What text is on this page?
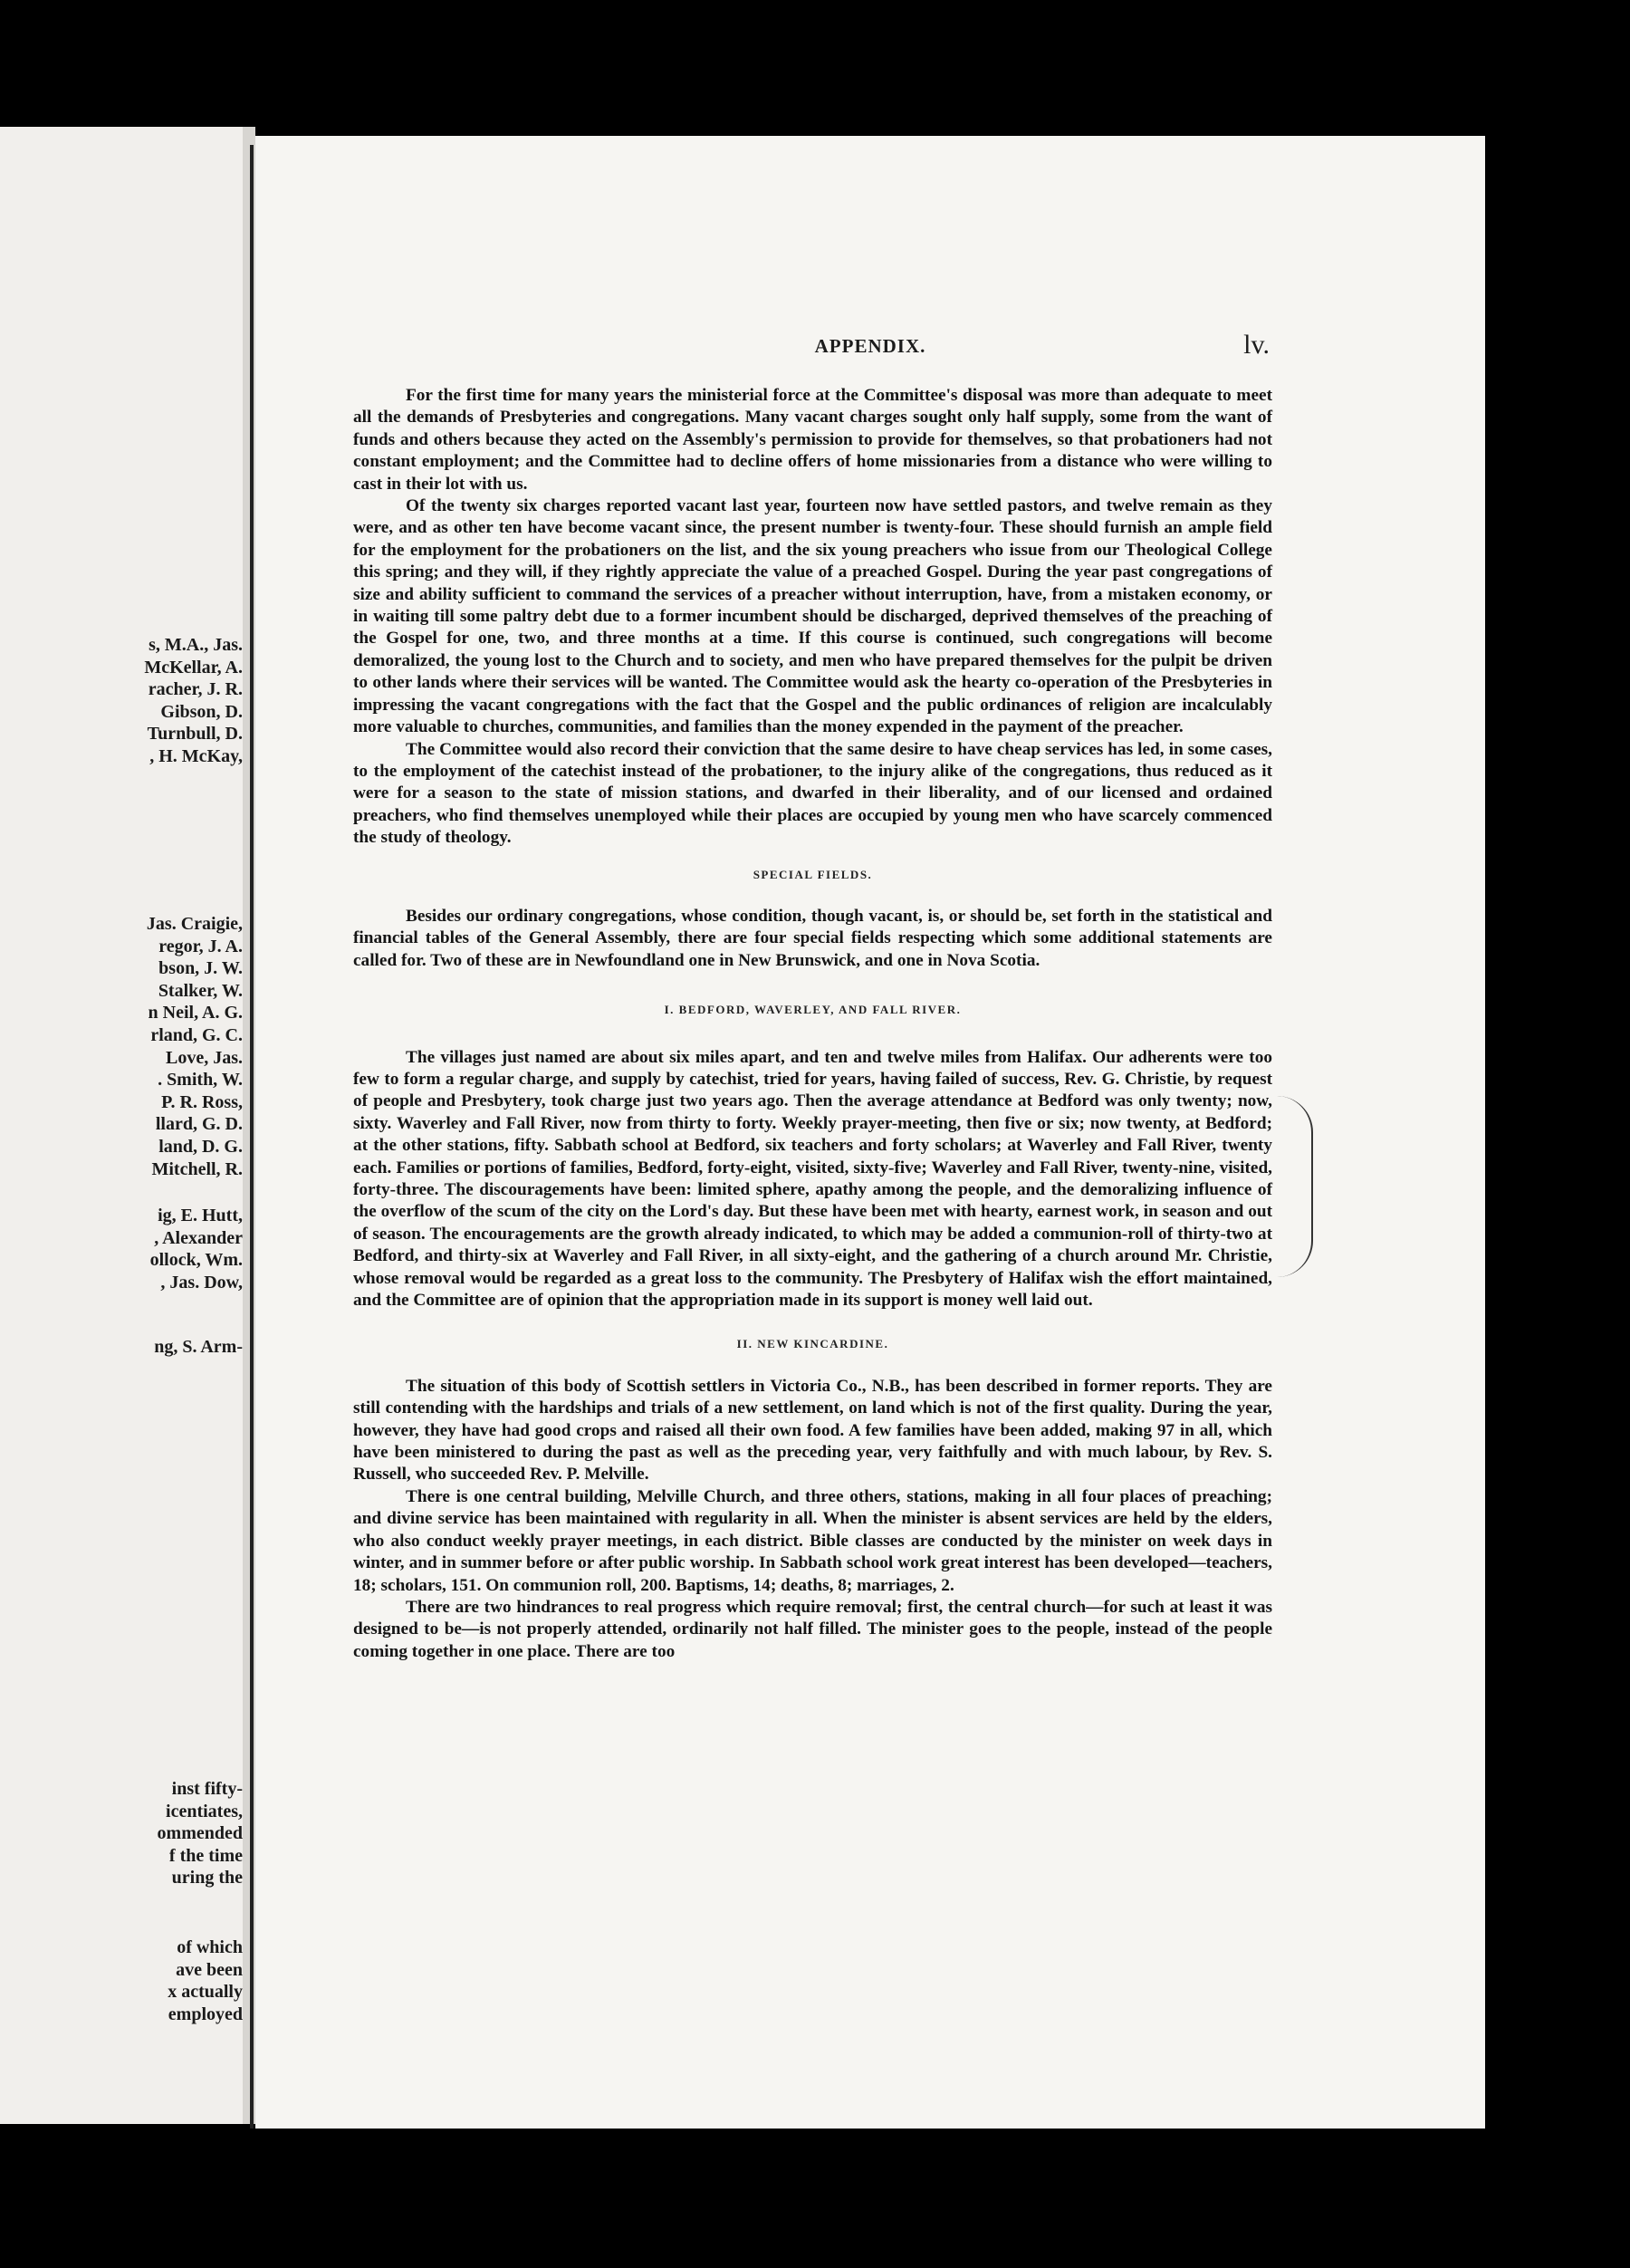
s, M.A., Jas.
McKellar, A.
racher, J. R.
Gibson, D.
Turnbull, D.
, H. McKay,
Jas. Craigie,
regor, J. A.
bson, J. W.
Stalker, W.
n Neil, A. G.
rland, G. C.
Love, Jas.
. Smith, W.
P. R. Ross,
llard, G. D.
land, D. G.
Mitchell, R.
ig, E. Hutt,
, Alexander
ollock, Wm.
, Jas. Dow,
ng, S. Arm-
inst fifty-
icentiates,
ommended
f the time
uring the
of which
ave been
x actually
employed
APPENDIX.	lv.

For the first time for many years the ministerial force at the Committee's disposal was more than adequate to meet all the demands of Presbyteries and congregations. Many vacant charges sought only half supply, some from the want of funds and others because they acted on the Assembly's permission to provide for themselves, so that probationers had not constant employment; and the Committee had to decline offers of home missionaries from a distance who were willing to cast in their lot with us.

Of the twenty six charges reported vacant last year, fourteen now have settled pastors, and twelve remain as they were, and as other ten have become vacant since, the present number is twenty-four. These should furnish an ample field for the employment for the probationers on the list, and the six young preachers who issue from our Theological College this spring; and they will, if they rightly appreciate the value of a preached Gospel. During the year past congregations of size and ability sufficient to command the services of a preacher without interruption, have, from a mistaken economy, or in waiting till some paltry debt due to a former incumbent should be discharged, deprived themselves of the preaching of the Gospel for one, two, and three months at a time. If this course is continued, such congregations will become demoralized, the young lost to the Church and to society, and men who have prepared themselves for the pulpit be driven to other lands where their services will be wanted. The Committee would ask the hearty co-operation of the Presbyteries in impressing the vacant congregations with the fact that the Gospel and the public ordinances of religion are incalculably more valuable to churches, communities, and families than the money expended in the payment of the preacher.

The Committee would also record their conviction that the same desire to have cheap services has led, in some cases, to the employment of the catechist instead of the probationer, to the injury alike of the congregations, thus reduced as it were for a season to the state of mission stations, and dwarfed in their liberality, and of our licensed and ordained preachers, who find themselves unemployed while their places are occupied by young men who have scarcely commenced the study of theology.

SPECIAL FIELDS.

Besides our ordinary congregations, whose condition, though vacant, is, or should be, set forth in the statistical and financial tables of the General Assembly, there are four special fields respecting which some additional statements are called for. Two of these are in Newfoundland one in New Brunswick, and one in Nova Scotia.

I. BEDFORD, WAVERLEY, AND FALL RIVER.

The villages just named are about six miles apart, and ten and twelve miles from Halifax. Our adherents were too few to form a regular charge, and supply by catechist, tried for years, having failed of success, Rev. G. Christie, by request of people and Presbytery, took charge just two years ago. Then the average attendance at Bedford was only twenty; now, sixty. Waverley and Fall River, now from thirty to forty. Weekly prayer-meeting, then five or six; now twenty, at Bedford; at the other stations, fifty. Sabbath school at Bedford, six teachers and forty scholars; at Waverley and Fall River, twenty each. Families or portions of families, Bedford, forty-eight, visited, sixty-five; Waverley and Fall River, twenty-nine, visited, forty-three. The discouragements have been: limited sphere, apathy among the people, and the demoralizing influence of the overflow of the scum of the city on the Lord's day. But these have been met with hearty, earnest work, in season and out of season. The encouragements are the growth already indicated, to which may be added a communion-roll of thirty-two at Bedford, and thirty-six at Waverley and Fall River, in all sixty-eight, and the gathering of a church around Mr. Christie, whose removal would be regarded as a great loss to the community. The Presbytery of Halifax wish the effort maintained, and the Committee are of opinion that the appropriation made in its support is money well laid out.

II. NEW KINCARDINE.

The situation of this body of Scottish settlers in Victoria Co., N.B., has been described in former reports. They are still contending with the hardships and trials of a new settlement, on land which is not of the first quality. During the year, however, they have had good crops and raised all their own food. A few families have been added, making 97 in all, which have been ministered to during the past as well as the preceding year, very faithfully and with much labour, by Rev. S. Russell, who succeeded Rev. P. Melville.

There is one central building, Melville Church, and three others, stations, making in all four places of preaching; and divine service has been maintained with regularity in all. When the minister is absent services are held by the elders, who also conduct weekly prayer meetings, in each district. Bible classes are conducted by the minister on week days in winter, and in summer before or after public worship. In Sabbath school work great interest has been developed—teachers, 18; scholars, 151. On communion roll, 200. Baptisms, 14; deaths, 8; marriages, 2.

There are two hindrances to real progress which require removal; first, the central church—for such at least it was designed to be—is not properly attended, ordinarily not half filled. The minister goes to the people, instead of the people coming together in one place. There are too
